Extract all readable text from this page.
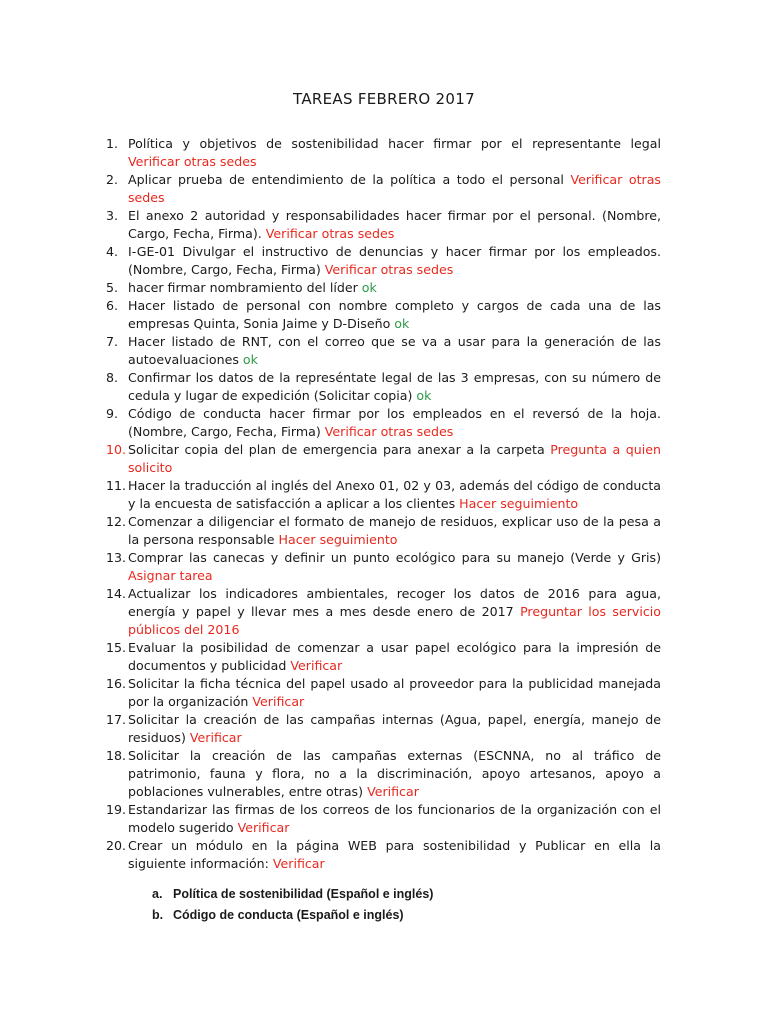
TAREAS FEBRERO 2017
1. Política y objetivos de sostenibilidad hacer firmar por el representante legal Verificar otras sedes
2. Aplicar prueba de entendimiento de la política a todo el personal Verificar otras sedes
3. El anexo 2 autoridad y responsabilidades hacer firmar por el personal. (Nombre, Cargo, Fecha, Firma). Verificar otras sedes
4. I-GE-01 Divulgar el instructivo de denuncias y hacer firmar por los empleados. (Nombre, Cargo, Fecha, Firma) Verificar otras sedes
5. hacer firmar nombramiento del líder ok
6. Hacer listado de personal con nombre completo y cargos de cada una de las empresas Quinta, Sonia Jaime y D-Diseño ok
7. Hacer listado de RNT, con el correo que se va a usar para la generación de las autoevaluaciones ok
8. Confirmar los datos de la represéntate legal de las 3 empresas, con su número de cedula y lugar de expedición (Solicitar copia) ok
9. Código de conducta hacer firmar por los empleados en el reversó de la hoja. (Nombre, Cargo, Fecha, Firma) Verificar otras sedes
10. Solicitar copia del plan de emergencia para anexar a la carpeta Pregunta a quien solicito
11. Hacer la traducción al inglés del Anexo 01, 02 y 03, además del código de conducta y la encuesta de satisfacción a aplicar a los clientes Hacer seguimiento
12. Comenzar a diligenciar el formato de manejo de residuos, explicar uso de la pesa a la persona responsable Hacer seguimiento
13. Comprar las canecas y definir un punto ecológico para su manejo (Verde y Gris) Asignar tarea
14. Actualizar los indicadores ambientales, recoger los datos de 2016 para agua, energía y papel y llevar mes a mes desde enero de 2017 Preguntar los servicio públicos del 2016
15. Evaluar la posibilidad de comenzar a usar papel ecológico para la impresión de documentos y publicidad Verificar
16. Solicitar la ficha técnica del papel usado al proveedor para la publicidad manejada por la organización Verificar
17. Solicitar la creación de las campañas internas (Agua, papel, energía, manejo de residuos) Verificar
18. Solicitar la creación de las campañas externas (ESCNNA, no al tráfico de patrimonio, fauna y flora, no a la discriminación, apoyo artesanos, apoyo a poblaciones vulnerables, entre otras) Verificar
19. Estandarizar las firmas de los correos de los funcionarios de la organización con el modelo sugerido Verificar
20. Crear un módulo en la página WEB para sostenibilidad y Publicar en ella la siguiente información: Verificar
a. Política de sostenibilidad (Español e inglés)
b. Código de conducta (Español e inglés)
